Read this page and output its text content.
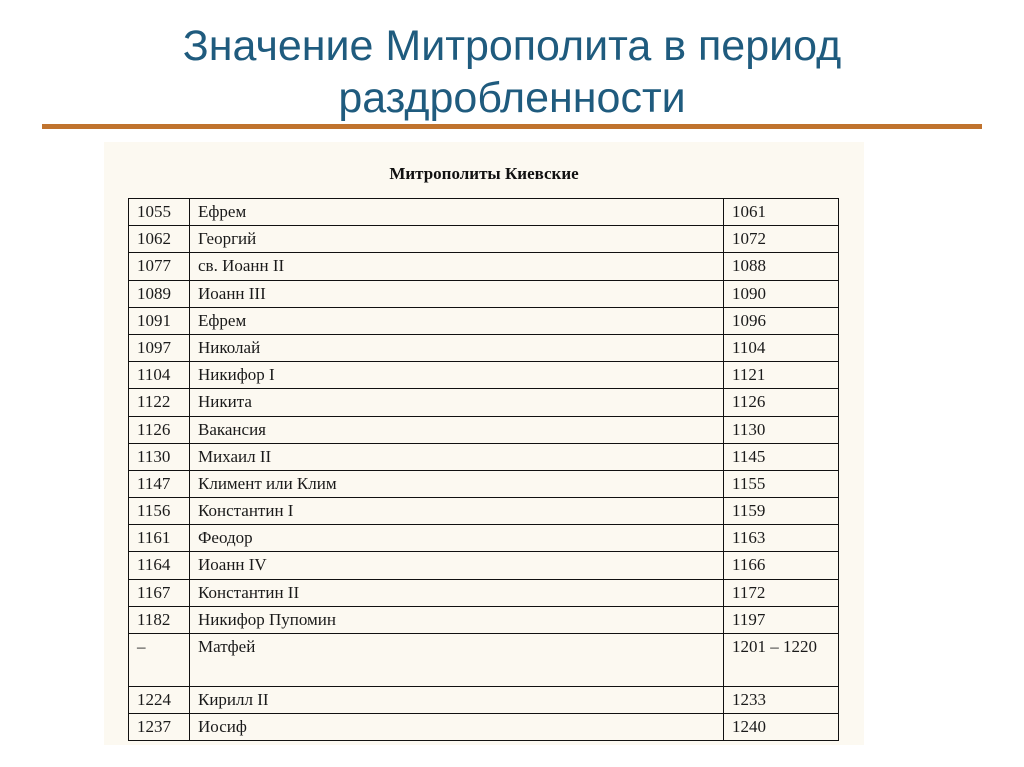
Значение Митрополита в период
раздробленности
Митрополиты Киевские
1055	Ефрем	1061
1062	Георгий	1072
1077	св. Иоанн II	1088
1089	Иоанн III	1090
1091	Ефрем	1096
1097	Николай	1104
1104	Никифор I	1121
1122	Никита	1126
1126	Вакансия	1130
1130	Михаил II	1145
1147	Климент или Клим	1155
1156	Константин I	1159
1161	Феодор	1163
1164	Иоанн IV	1166
1167	Константин II	1172
1182	Никифор Пупомин	1197
–	Матфей	1201 – 1220
1224	Кирилл II	1233
1237	Иосиф	1240
